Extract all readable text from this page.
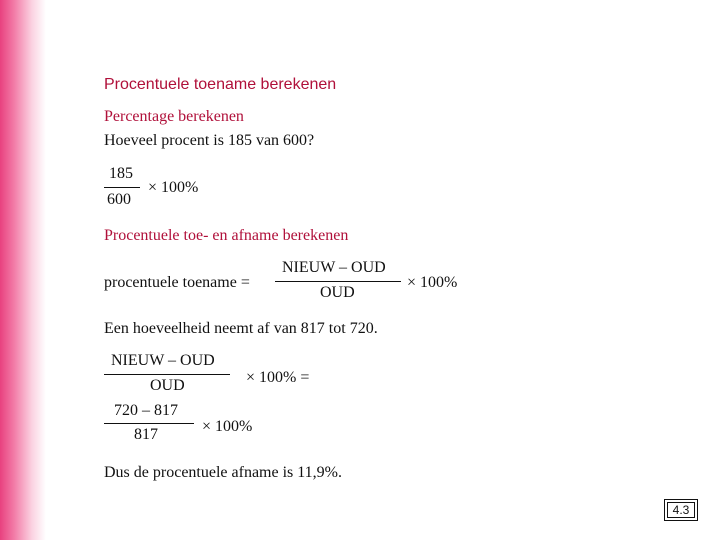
Procentuele toename berekenen
Percentage berekenen
Hoeveel procent is 185 van 600?
185
600
× 100%
Procentuele toe- en afname berekenen
procentuele toename =
NIEUW – OUD
OUD
× 100%
Een hoeveelheid neemt af van 817 tot 720.
NIEUW – OUD
OUD	× 100% =
720 – 817
817	× 100%
Dus de procentuele afname is 11,9%.
4.3
